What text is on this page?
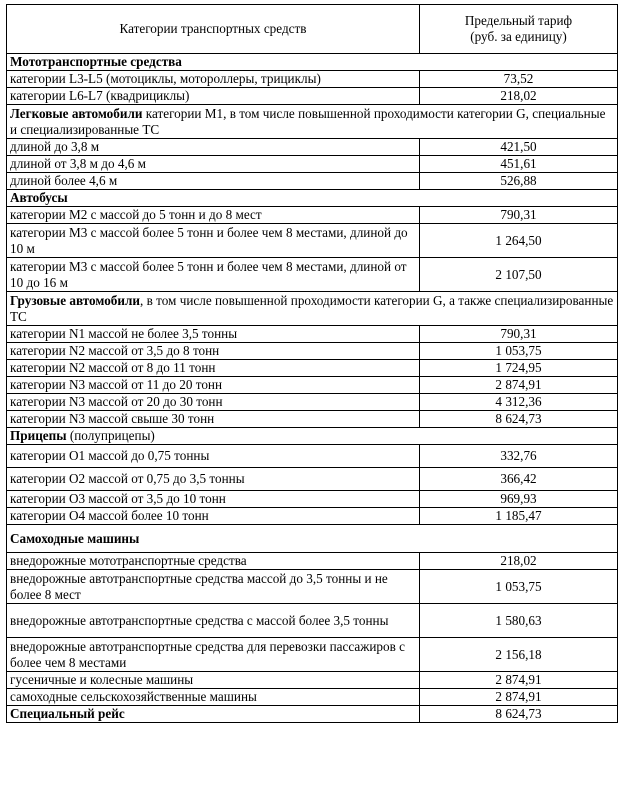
Категории транспортных средств	Предельный тариф
(руб. за единицу)
Мототранспортные средства	
категории L3-L5 (мотоциклы, мотороллеры, трициклы)	73,52
категории L6-L7 (квадрициклы)	218,02
Легковые автомобили категории M1, в том числе повышенной проходимости категории G, специальные и специализированные ТС	
длиной до 3,8 м	421,50
длиной от 3,8 м до 4,6 м	451,61
длиной более 4,6 м	526,88
Автобусы	
категории M2 с массой до 5 тонн и до 8 мест	790,31
категории M3 с массой более 5 тонн и более чем 8 местами, длиной до 10 м	1 264,50
категории M3 с массой более 5 тонн и более чем 8 местами, длиной от 10 до 16 м	2 107,50
Грузовые автомобили, в том числе повышенной проходимости категории G, а также специализированные ТС	
категории N1 массой не более 3,5 тонны	790,31
категории N2 массой от 3,5 до 8 тонн	1 053,75
категории N2 массой от 8 до 11 тонн	1 724,95
категории N3 массой от 11 до 20 тонн	2 874,91
категории N3 массой от 20 до 30 тонн	4 312,36
категории N3 массой свыше 30 тонн	8 624,73
Прицепы (полуприцепы)	
категории O1 массой до 0,75 тонны	332,76
категории O2 массой от 0,75 до 3,5 тонны	366,42
категории O3 массой от 3,5 до 10 тонн	969,93
категории O4 массой более 10 тонн	1 185,47
Самоходные машины	
внедорожные мототранспортные средства	218,02
внедорожные автотранспортные средства массой до 3,5 тонны и не более 8 мест	1 053,75
внедорожные автотранспортные средства с массой более 3,5 тонны	1 580,63
внедорожные автотранспортные средства для перевозки пассажиров с более чем 8 местами	2 156,18
гусеничные и колесные машины	2 874,91
самоходные сельскохозяйственные машины	2 874,91
Специальный рейс	8 624,73
